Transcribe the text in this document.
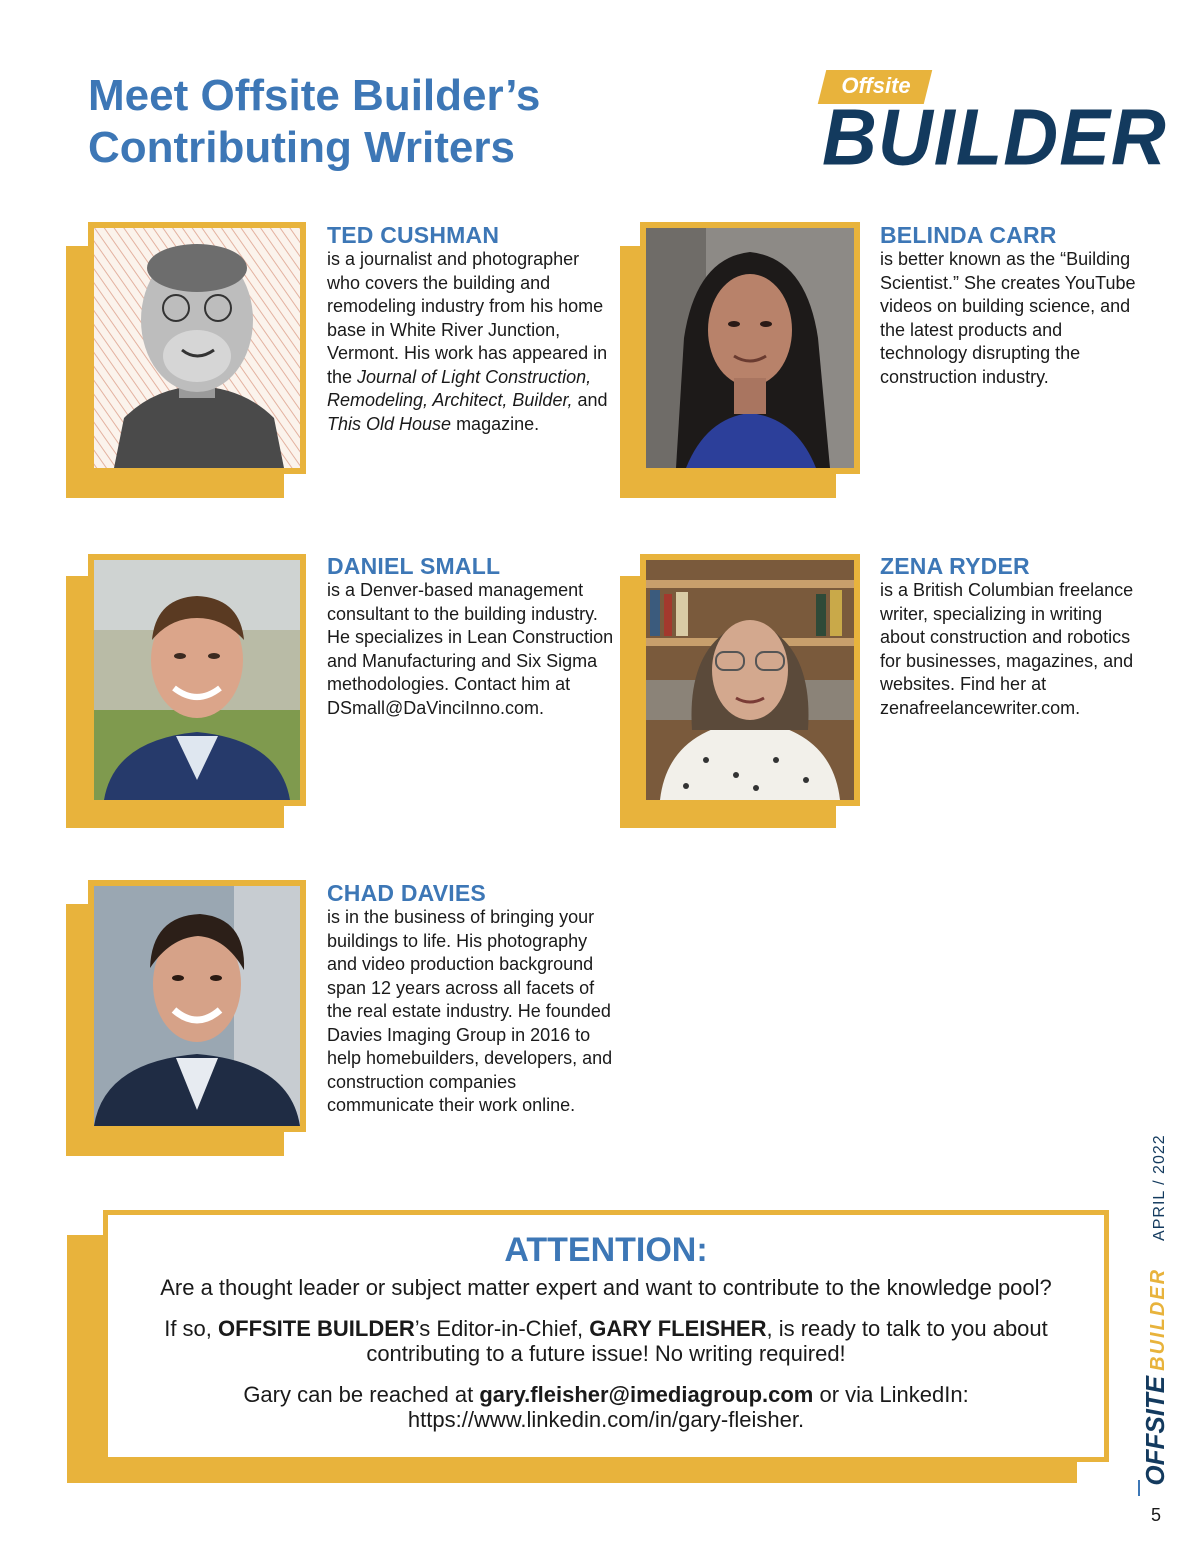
Meet Offsite Builder’s
Contributing Writers
Offsite
BUILDER

TED CUSHMAN

is a journalist and photographer who covers the building and remodeling industry from his home base in White River Junction, Vermont. His work has appeared in the Journal of Light Construction, Remodeling, Architect, Builder, and This Old House magazine.

BELINDA CARR

is better known as the “Building Scientist.” She creates YouTube videos on building science, and the latest products and technology disrupting the construction industry.

DANIEL SMALL

is a Denver-based management consultant to the building industry. He specializes in Lean Construction and Manufacturing and Six Sigma methodologies. Contact him at DSmall@DaVinciInno.com.

ZENA RYDER

is a British Columbian freelance writer, specializing in writing about construction and robotics for businesses, magazines, and websites. Find her at zenafreelancewriter.com.

CHAD DAVIES

is in the business of bringing your buildings to life. His photography and video production background span 12 years across all facets of the real estate industry. He founded Davies Imaging Group in 2016 to help homebuilders, developers, and construction companies communicate their work online.

ATTENTION:

Are a thought leader or subject matter expert and want to contribute to the knowledge pool?

If so, OFFSITE BUILDER’s Editor-in-Chief, GARY FLEISHER, is ready to talk to you about contributing to a future issue! No writing required!

Gary can be reached at gary.fleisher@imediagroup.com or via LinkedIn: https://www.linkedin.com/in/gary-fleisher.	OFFSITE BUILDER APRIL / 2022
5
